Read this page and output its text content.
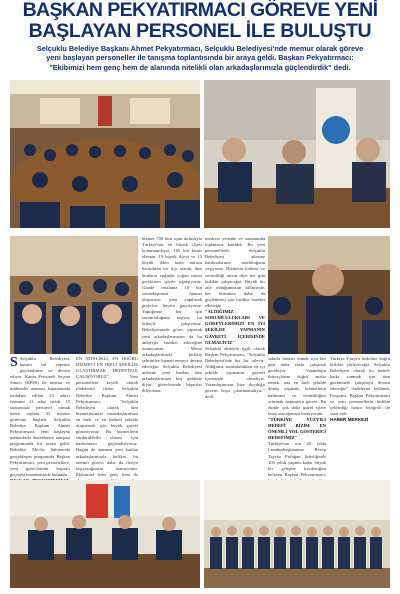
BAŞKAN PEKYATIRMACI GÖREVE YENİ
BAŞLAYAN PERSONEL İLE BULUŞTU
Selçuklu Belediye Başkanı Ahmet Pekyatırmacı, Selçuklu Belediyesi'nde memur olarak göreve
yeni başlayan personeller ile tanışma toplantısında bir araya geldi. Başkan Pekyatırmacı:
"Ekibimizi hem genç hem de alanında nitelikli olan arkadaşlarımızla güçlendirdik" dedi.
hizmet 700 bini aşan nüfusuyla Türkiye'nin en büyük ilçesi konumundayız. 165 bin küsür eleman, 19 büyük ilçeyi ve 13 büyük ilden fazla nüfusu barındıran bir ilçe olarak, tüm bunların ışığında yoğun mesai gerektiren işlerle uğraşıyoruz. Günde ortalama 10 bin vatandaşımıza hizmet ulaştırıyor, yeni yapılacak projeleri hayata geçiriyoruz. Yaptığımız her işin sorumluluğunu taşıyor, bu bilinçle çalışıyoruz. Belediyemizde görev yapacak yeni arkadaşlarımızın da bu anlayışla hareket edeceğine inanıyorum. Mesai arkadaşlarımızla birlikte şehrimize hizmet etmeye devam edeceğiz. Selçuklu Belediyesi ailesine yeni katılan tüm arkadaşlarımıza hoş geldiniz diyor, görevlerinde başarılar diliyorum.
merkezi yerinde ve zamanında toplantıya katıldık. Bu yeni personellerle, Selçuklu Belediyesi ailesine katılmalarının mutluluğunu yaşıyoruz. Hizmetin kalitesi ve verimliliği artsın diye her gün birlikte çalışacağız. Büyük bir aile olduğumuzun bilincinde, her birimizin daha da güçlenmesi için birlikte hareket edeceğiz.
"ALDIĞIMIZ SORUMLULUKLARI VE GÖREVLERİMİZİ EN İYİ ŞEKİLDE YAPMANIN GAYRETİ İÇERİSİNDE OLMALIYIZ"
Selçuklu ekibiyle ilgili olarak Başkan Pekyatırmacı, "Selçuklu Belediyesi'nde biz bir aileyiz. Aldığımız sorumlulukları en iyi şekilde yapmanın gayreti içerisinde olmalıyız. Vatandaşımızın bize duyduğu güveni boşa çıkarmamalıyız." dedi.
S Selçuklu Belediyesi, kurum sal yapısını güçlendirme ye devam ediyor. Kamu Personeli Seçme Sınavı (KPSS) ile memur ve mühendis ataması kapsamında istihdam edilen 23 adayı istemini 13 aday istedi. 13 stokuyusal personel olmak üzere toplam 35 memur görevine başladı. Selçuklu Belediye Başkanı Ahmet Pekyatırmacı, yeni başlayan memurlarla düzenlenen tanışma programında bir araya geldi. Belediye Meclis Salonunda gerçekleşen programda Başkan Pekyatırmacı, yeni personellere, yeni görevlerinin başarılı geçmesi temennisinde bulundu.
EN NİTELİKLİ, EN DOĞRU HİZMETİ EN HIZLI ŞEKİLDE ULAŞTIRMAK HEDEFİYLE ÇALIŞIYORUZ" Yeni personellere keyifli olarak ifadelerini ileten Selçuklu Belediye Başkanı Ahmet Pekyatırmacı, "Selçuklu Belediyesi olarak tüm hizmetlerimizi vatandaşlarımıza en hızlı ve en kaliteli şekilde ulaştırmak için büyük gayret gösteriyoruz. Bu hizmetlerin sürdürülebilir olması için kadromuzu güçlendiriyoruz. Bugün de aramıza yeni katılan arkadaşlarımızla birlikte, bu önemli görevi daha da ileriye taşıyacağımıza inanıyorum. Ekibimizi hem genç hem de
sabırla hizmet etmek için her gün daha fazla çalışmak gerekiyor. Vatandaşın ihtiyaçlarını doğru analiz etmek, ona en hızlı şekilde dönüş yapmak, hizmetlerin kalitesini ve verimliliğini artırmak hepimizin görevi. Bu ekiple çok daha güzel işlere imza atacağımıza inanıyorum.
"TÜRKİYE YÜZYILI HEDEFİ BİZİM EN ÖNEMLİ YOL GÖSTERİCİ HEDEFİMİZ"
Türkiye'nin son 20 yılda Cumhurbaşkanımız Recep Tayyip Erdoğan liderliğinde 100 yıllık yaşantı kadar büyük bir gelişme kaydettiğini belirten Başkan Pekyatırmacı,
Türkiye Yüzyılı hedefine doğru birlikte yürüyeceğiz. Selçuklu Belediyesi olarak bu hedefe katkı sunmak için tüm gücümüzle çalışmaya devam edeceğiz" ifadelerini kullandı. Program, Başkan Pekyatırmacı ve yeni personellerin birlikte çektirdiği hatıra fotoğrafı ile sona erdi.
HABER MERKEZİ
